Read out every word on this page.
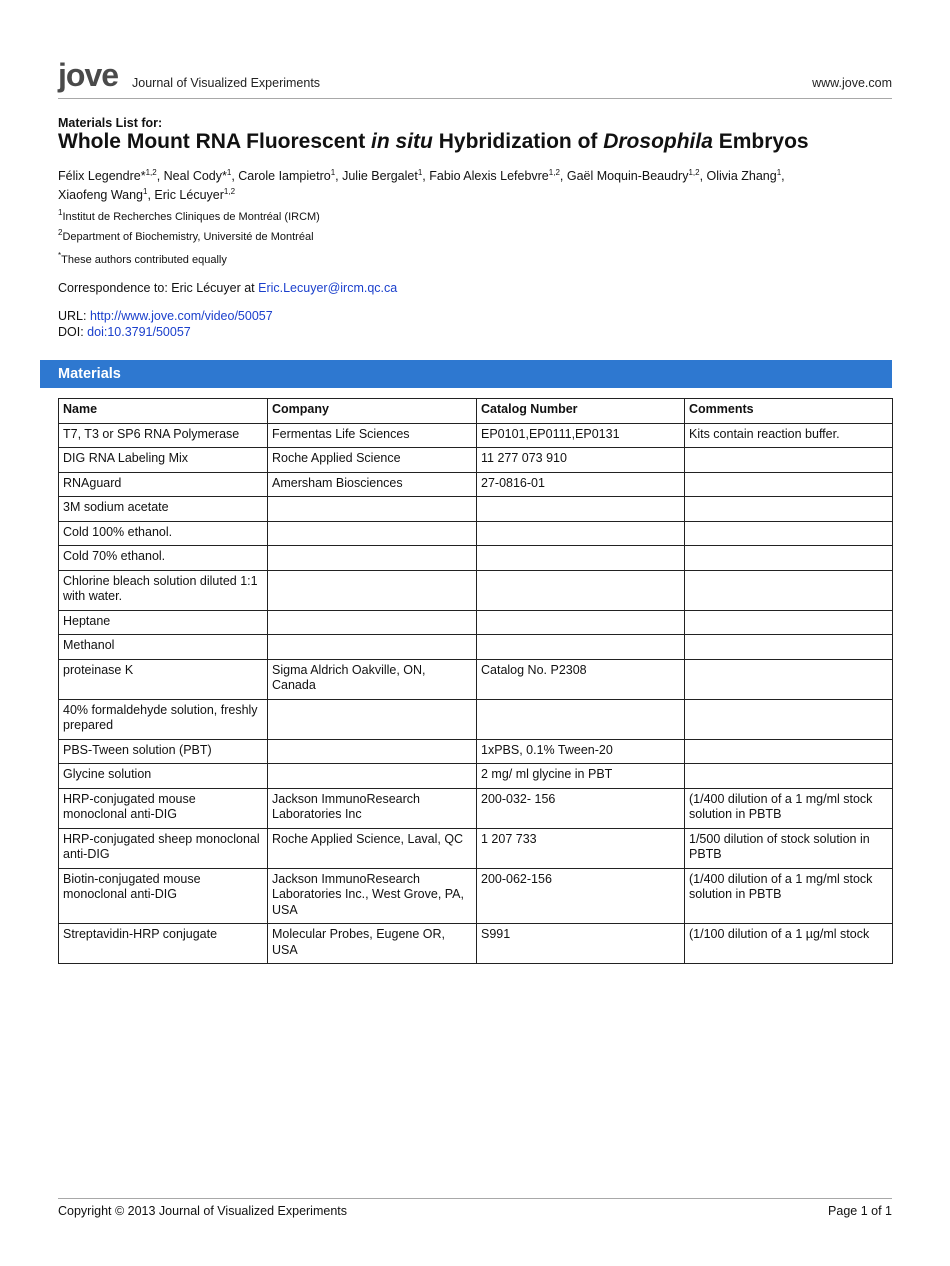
jove Journal of Visualized Experiments	www.jove.com
Materials List for:
Whole Mount RNA Fluorescent in situ Hybridization of Drosophila Embryos
Félix Legendre*$^{1,2}$, Neal Cody*$^1$, Carole Iampietro$^1$, Julie Bergalet$^1$, Fabio Alexis Lefebvre$^{1,2}$, Gaël Moquin-Beaudry$^{1,2}$, Olivia Zhang$^1$,
Xiaofeng Wang$^1$, Eric Lécuyer$^{1,2}$
$^1$Institut de Recherches Cliniques de Montréal (IRCM)
$^2$Department of Biochemistry, Université de Montréal
*These authors contributed equally
Correspondence to: Eric Lécuyer at Eric.Lecuyer@ircm.qc.ca
URL: http://www.jove.com/video/50057
DOI: doi:10.3791/50057
Materials
Name	Company	Catalog Number	Comments
T7, T3 or SP6 RNA Polymerase	Fermentas Life Sciences	EP0101,EP0111,EP0131	Kits contain reaction buffer.
DIG RNA Labeling Mix	Roche Applied Science	11 277 073 910	
RNAguard	Amersham Biosciences	27-0816-01	
3M sodium acetate			
Cold 100% ethanol.			
Cold 70% ethanol.			
Chlorine bleach solution diluted 1:1 with water.			
Heptane			
Methanol			
proteinase K	Sigma Aldrich Oakville, ON, Canada	Catalog No. P2308	
40% formaldehyde solution, freshly prepared			
PBS-Tween solution (PBT)		1xPBS, 0.1% Tween-20	
Glycine solution		2 mg/ ml glycine in PBT	
HRP-conjugated mouse monoclonal anti-DIG	Jackson ImmunoResearch Laboratories Inc	200-032- 156	(1/400 dilution of a 1 mg/ml stock solution in PBTB
HRP-conjugated sheep monoclonal anti-DIG	Roche Applied Science, Laval, QC	1 207 733	1/500 dilution of stock solution in PBTB
Biotin-conjugated mouse monoclonal anti-DIG	Jackson ImmunoResearch Laboratories Inc., West Grove, PA, USA	200-062-156	(1/400 dilution of a 1 mg/ml stock solution in PBTB
Streptavidin-HRP conjugate	Molecular Probes, Eugene OR, USA	S991	(1/100 dilution of a 1 µg/ml stock
Copyright © 2013 Journal of Visualized Experiments	Page 1 of 1
